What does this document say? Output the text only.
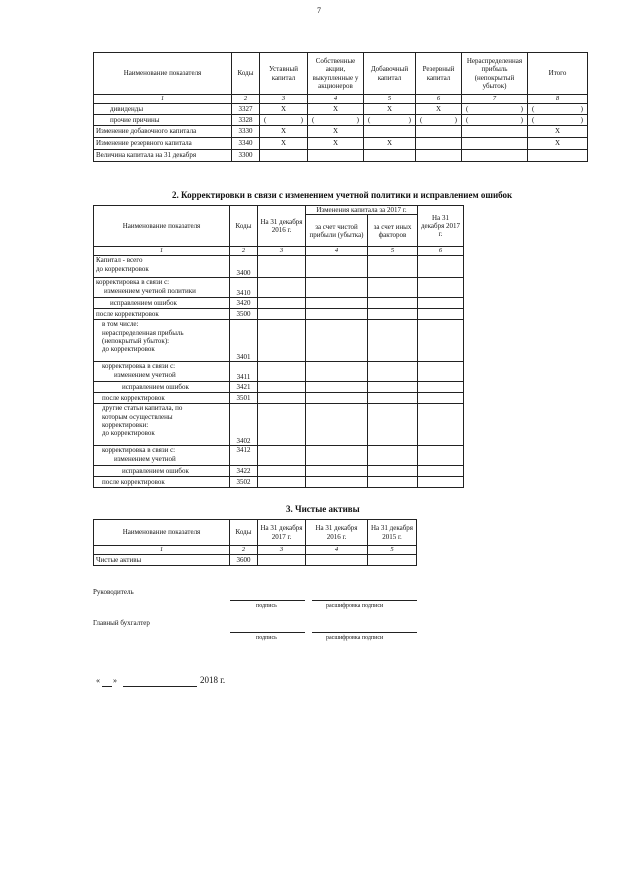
7
Наименование показателя	Коды	Уставный капитал	Собственные акции, выкупленные у акционеров	Добавочный капитал	Резервный капитал	Нераспределенная прибыль (непокрытый убыток)	Итого
1	2	3	4	5	6	7	8
дивиденды	3327	X	X	X	X	( )	( )

прочие причины	3328	( )	( )	( )	( )	( )	( )

Изменение добавочного капитала	3330	X	X				X
Изменение резервного капитала	3340	X	X	X			X
Величина капитала на 31 декабря	3300						
2. Корректировки в связи с изменением учетной политики и исправлением ошибок
Наименование показателя	Коды	На 31 декабря 2016 г.	Изменения капитала за 2017 г.		На 31 декабря 2017 г.
			за счет чистой прибыли (убытка)	за счет иных факторов	
1	2	3	4	5	6

Капитал - всего
до корректировок	3400				

корректировка в связи с:
изменением учетной политики	3410				
исправлением ошибок	3420				
после корректировок	3500				

в том числе:
нераспределенная прибыль
(непокрытый убыток):
до корректировок	3401				

корректировка в связи с:
изменением учетной	3411				
исправлением ошибок	3421				
после корректировок	3501				

другие статьи капитала, по
которым осуществлены
корректировки:
до корректировок	3402				

корректировка в связи с:
изменением учетной	3412				
исправлением ошибок	3422				
после корректировок	3502				
3. Чистые активы
Наименование показателя	Коды	На 31 декабря 2017 г.	На 31 декабря 2016 г.	На 31 декабря 2015 г.
1	2	3	4	5
Чистые активы	3600			
Руководитель
подпись	расшифровка подписи
Главный бухгалтер
подпись	расшифровка подписи
« »	2018 г.
